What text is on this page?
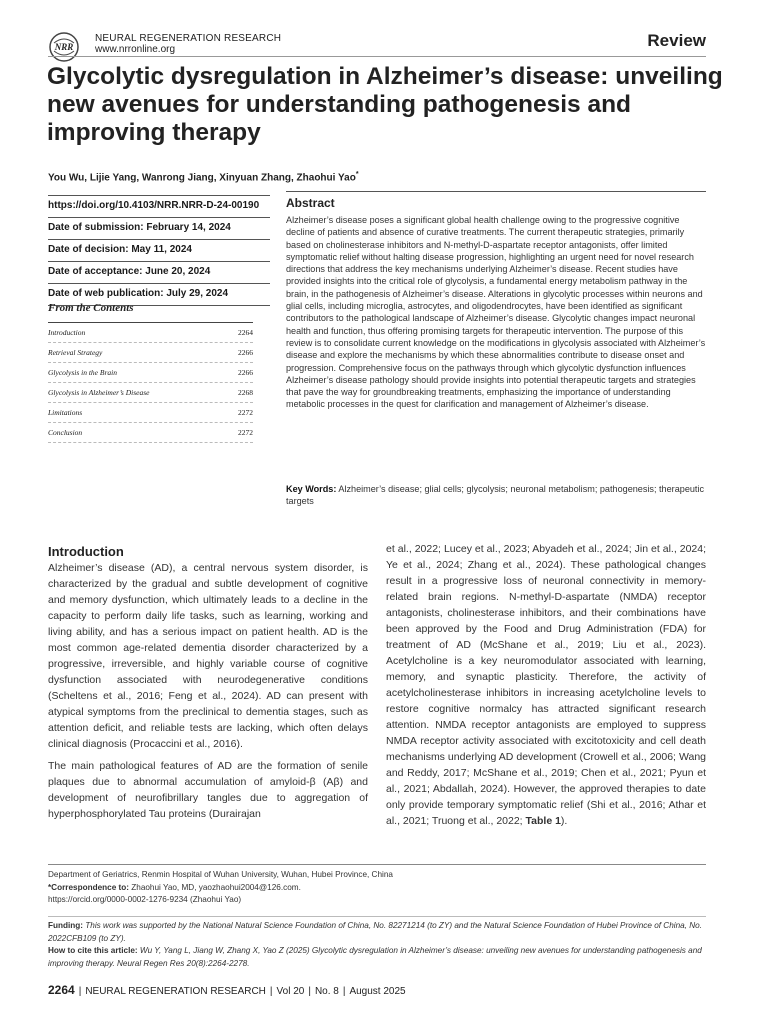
NRR
NEURAL REGENERATION RESEARCH
www.nrronline.org	Review
Glycolytic dysregulation in Alzheimer’s disease: unveiling new avenues for understanding pathogenesis and improving therapy
You Wu, Lijie Yang, Wanrong Jiang, Xinyuan Zhang, Zhaohui Yao*
https://doi.org/10.4103/NRR.NRR-D-24-00190
Date of submission: February 14, 2024
Date of decision: May 11, 2024
Date of acceptance: June 20, 2024
Date of web publication: July 29, 2024
From the Contents
Introduction	2264
Retrieval Strategy	2266
Glycolysis in the Brain	2266
Glycolysis in Alzheimer’s Disease	2268
Limitations	2272
Conclusion	2272
Abstract
Alzheimer’s disease poses a significant global health challenge owing to the progressive cognitive decline of patients and absence of curative treatments. The current therapeutic strategies, primarily based on cholinesterase inhibitors and N-methyl-D-aspartate receptor antagonists, offer limited symptomatic relief without halting disease progression, highlighting an urgent need for novel research directions that address the key mechanisms underlying Alzheimer’s disease. Recent studies have provided insights into the critical role of glycolysis, a fundamental energy metabolism pathway in the brain, in the pathogenesis of Alzheimer’s disease. Alterations in glycolytic processes within neurons and glial cells, including microglia, astrocytes, and oligodendrocytes, have been identified as significant contributors to the pathological landscape of Alzheimer’s disease. Glycolytic changes impact neuronal health and function, thus offering promising targets for therapeutic intervention. The purpose of this review is to consolidate current knowledge on the modifications in glycolysis associated with Alzheimer’s disease and explore the mechanisms by which these abnormalities contribute to disease onset and progression. Comprehensive focus on the pathways through which glycolytic dysfunction influences Alzheimer’s disease pathology should provide insights into potential therapeutic targets and strategies that pave the way for groundbreaking treatments, emphasizing the importance of understanding metabolic processes in the quest for clarification and management of Alzheimer’s disease.
Key Words: Alzheimer’s disease; glial cells; glycolysis; neuronal metabolism; pathogenesis; therapeutic targets
Introduction

Alzheimer’s disease (AD), a central nervous system disorder, is characterized by the gradual and subtle development of cognitive and memory dysfunction, which ultimately leads to a decline in the capacity to perform daily life tasks, such as learning, working and living ability, and has a serious impact on patient health. AD is the most common age-related dementia disorder characterized by a progressive, irreversible, and highly variable course of cognitive dysfunction associated with neurodegenerative conditions (Scheltens et al., 2016; Feng et al., 2024). AD can present with atypical symptoms from the preclinical to dementia stages, such as attention deficit, and reliable tests are lacking, which often delays clinical diagnosis (Procaccini et al., 2016).

The main pathological features of AD are the formation of senile plaques due to abnormal accumulation of amyloid-β (Aβ) and development of neurofibrillary tangles due to aggregation of hyperphosphorylated Tau proteins (Durairajan

et al., 2022; Lucey et al., 2023; Abyadeh et al., 2024; Jin et al., 2024; Ye et al., 2024; Zhang et al., 2024). These pathological changes result in a progressive loss of neuronal connectivity in memory-related brain regions. N-methyl-D-aspartate (NMDA) receptor antagonists, cholinesterase inhibitors, and their combinations have been approved by the Food and Drug Administration (FDA) for treatment of AD (McShane et al., 2019; Liu et al., 2023). Acetylcholine is a key neuromodulator associated with learning, memory, and synaptic plasticity. Therefore, the activity of acetylcholinesterase inhibitors in increasing acetylcholine levels to restore cognitive normalcy has attracted significant research attention. NMDA receptor antagonists are employed to suppress NMDA receptor activity associated with excitotoxicity and cell death mechanisms underlying AD development (Crowell et al., 2006; Wang and Reddy, 2017; McShane et al., 2019; Chen et al., 2021; Pyun et al., 2021; Abdallah, 2024). However, the approved therapies to date only provide temporary symptomatic relief (Shi et al., 2016; Athar et al., 2021; Truong et al., 2022; Table 1).

Department of Geriatrics, Renmin Hospital of Wuhan University, Wuhan, Hubei Province, China
*Correspondence to: Zhaohui Yao, MD, yaozhaohui2004@126.com.
https://orcid.org/0000-0002-1276-9234 (Zhaohui Yao)
Funding: This work was supported by the National Natural Science Foundation of China, No. 82271214 (to ZY) and the Natural Science Foundation of Hubei Province of China, No. 2022CFB109 (to ZY).
How to cite this article: Wu Y, Yang L, Jiang W, Zhang X, Yao Z (2025) Glycolytic dysregulation in Alzheimer’s disease: unveiling new avenues for understanding pathogenesis and improving therapy. Neural Regen Res 20(8):2264-2278.
2264 | NEURAL REGENERATION RESEARCH | Vol 20 | No. 8 | August 2025
